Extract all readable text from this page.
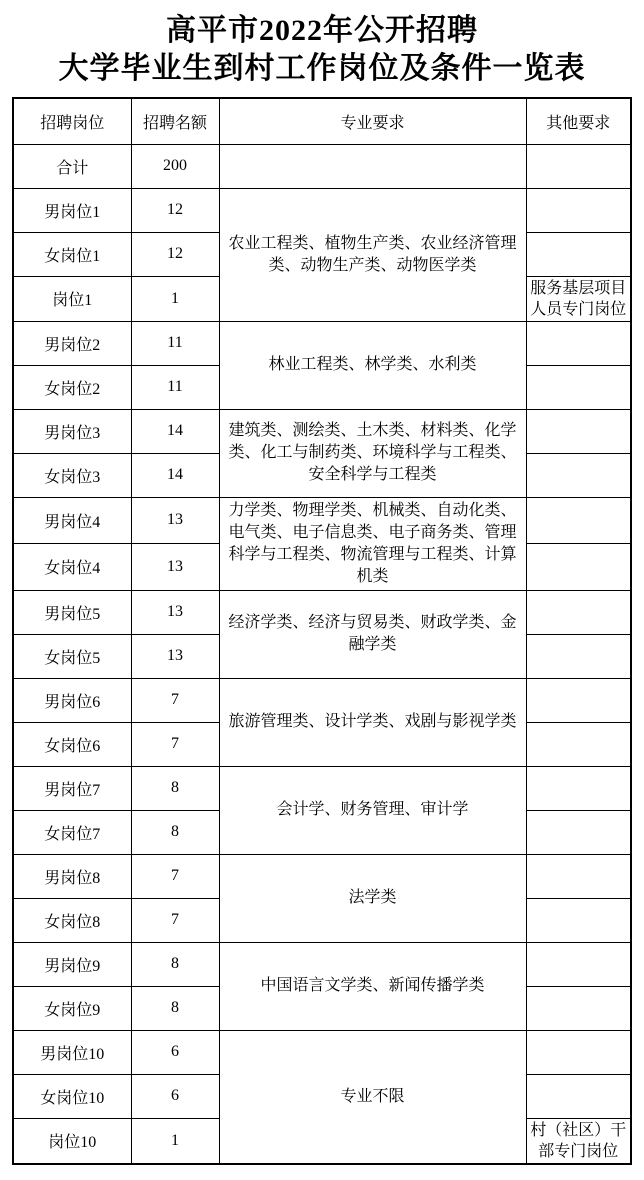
高平市2022年公开招聘
大学毕业生到村工作岗位及条件一览表
招聘岗位	招聘名额	专业要求	其他要求
合计	200		
男岗位1	12	农业工程类、植物生产类、农业经济管理类、动物生产类、动物医学类	
女岗位1	12		
岗位1	1		服务基层项目人员专门岗位
男岗位2	11	林业工程类、林学类、水利类	
女岗位2	11		
男岗位3	14	建筑类、测绘类、土木类、材料类、化学类、化工与制药类、环境科学与工程类、安全科学与工程类	
女岗位3	14		
男岗位4	13	力学类、物理学类、机械类、自动化类、电气类、电子信息类、电子商务类、管理科学与工程类、物流管理与工程类、计算机类	
女岗位4	13		
男岗位5	13	经济学类、经济与贸易类、财政学类、金融学类	
女岗位5	13		
男岗位6	7	旅游管理类、设计学类、戏剧与影视学类	
女岗位6	7		
男岗位7	8	会计学、财务管理、审计学	
女岗位7	8		
男岗位8	7	法学类	
女岗位8	7		
男岗位9	8	中国语言文学类、新闻传播学类	
女岗位9	8		
男岗位10	6	专业不限	
女岗位10	6		
岗位10	1		村（社区）干部专门岗位
